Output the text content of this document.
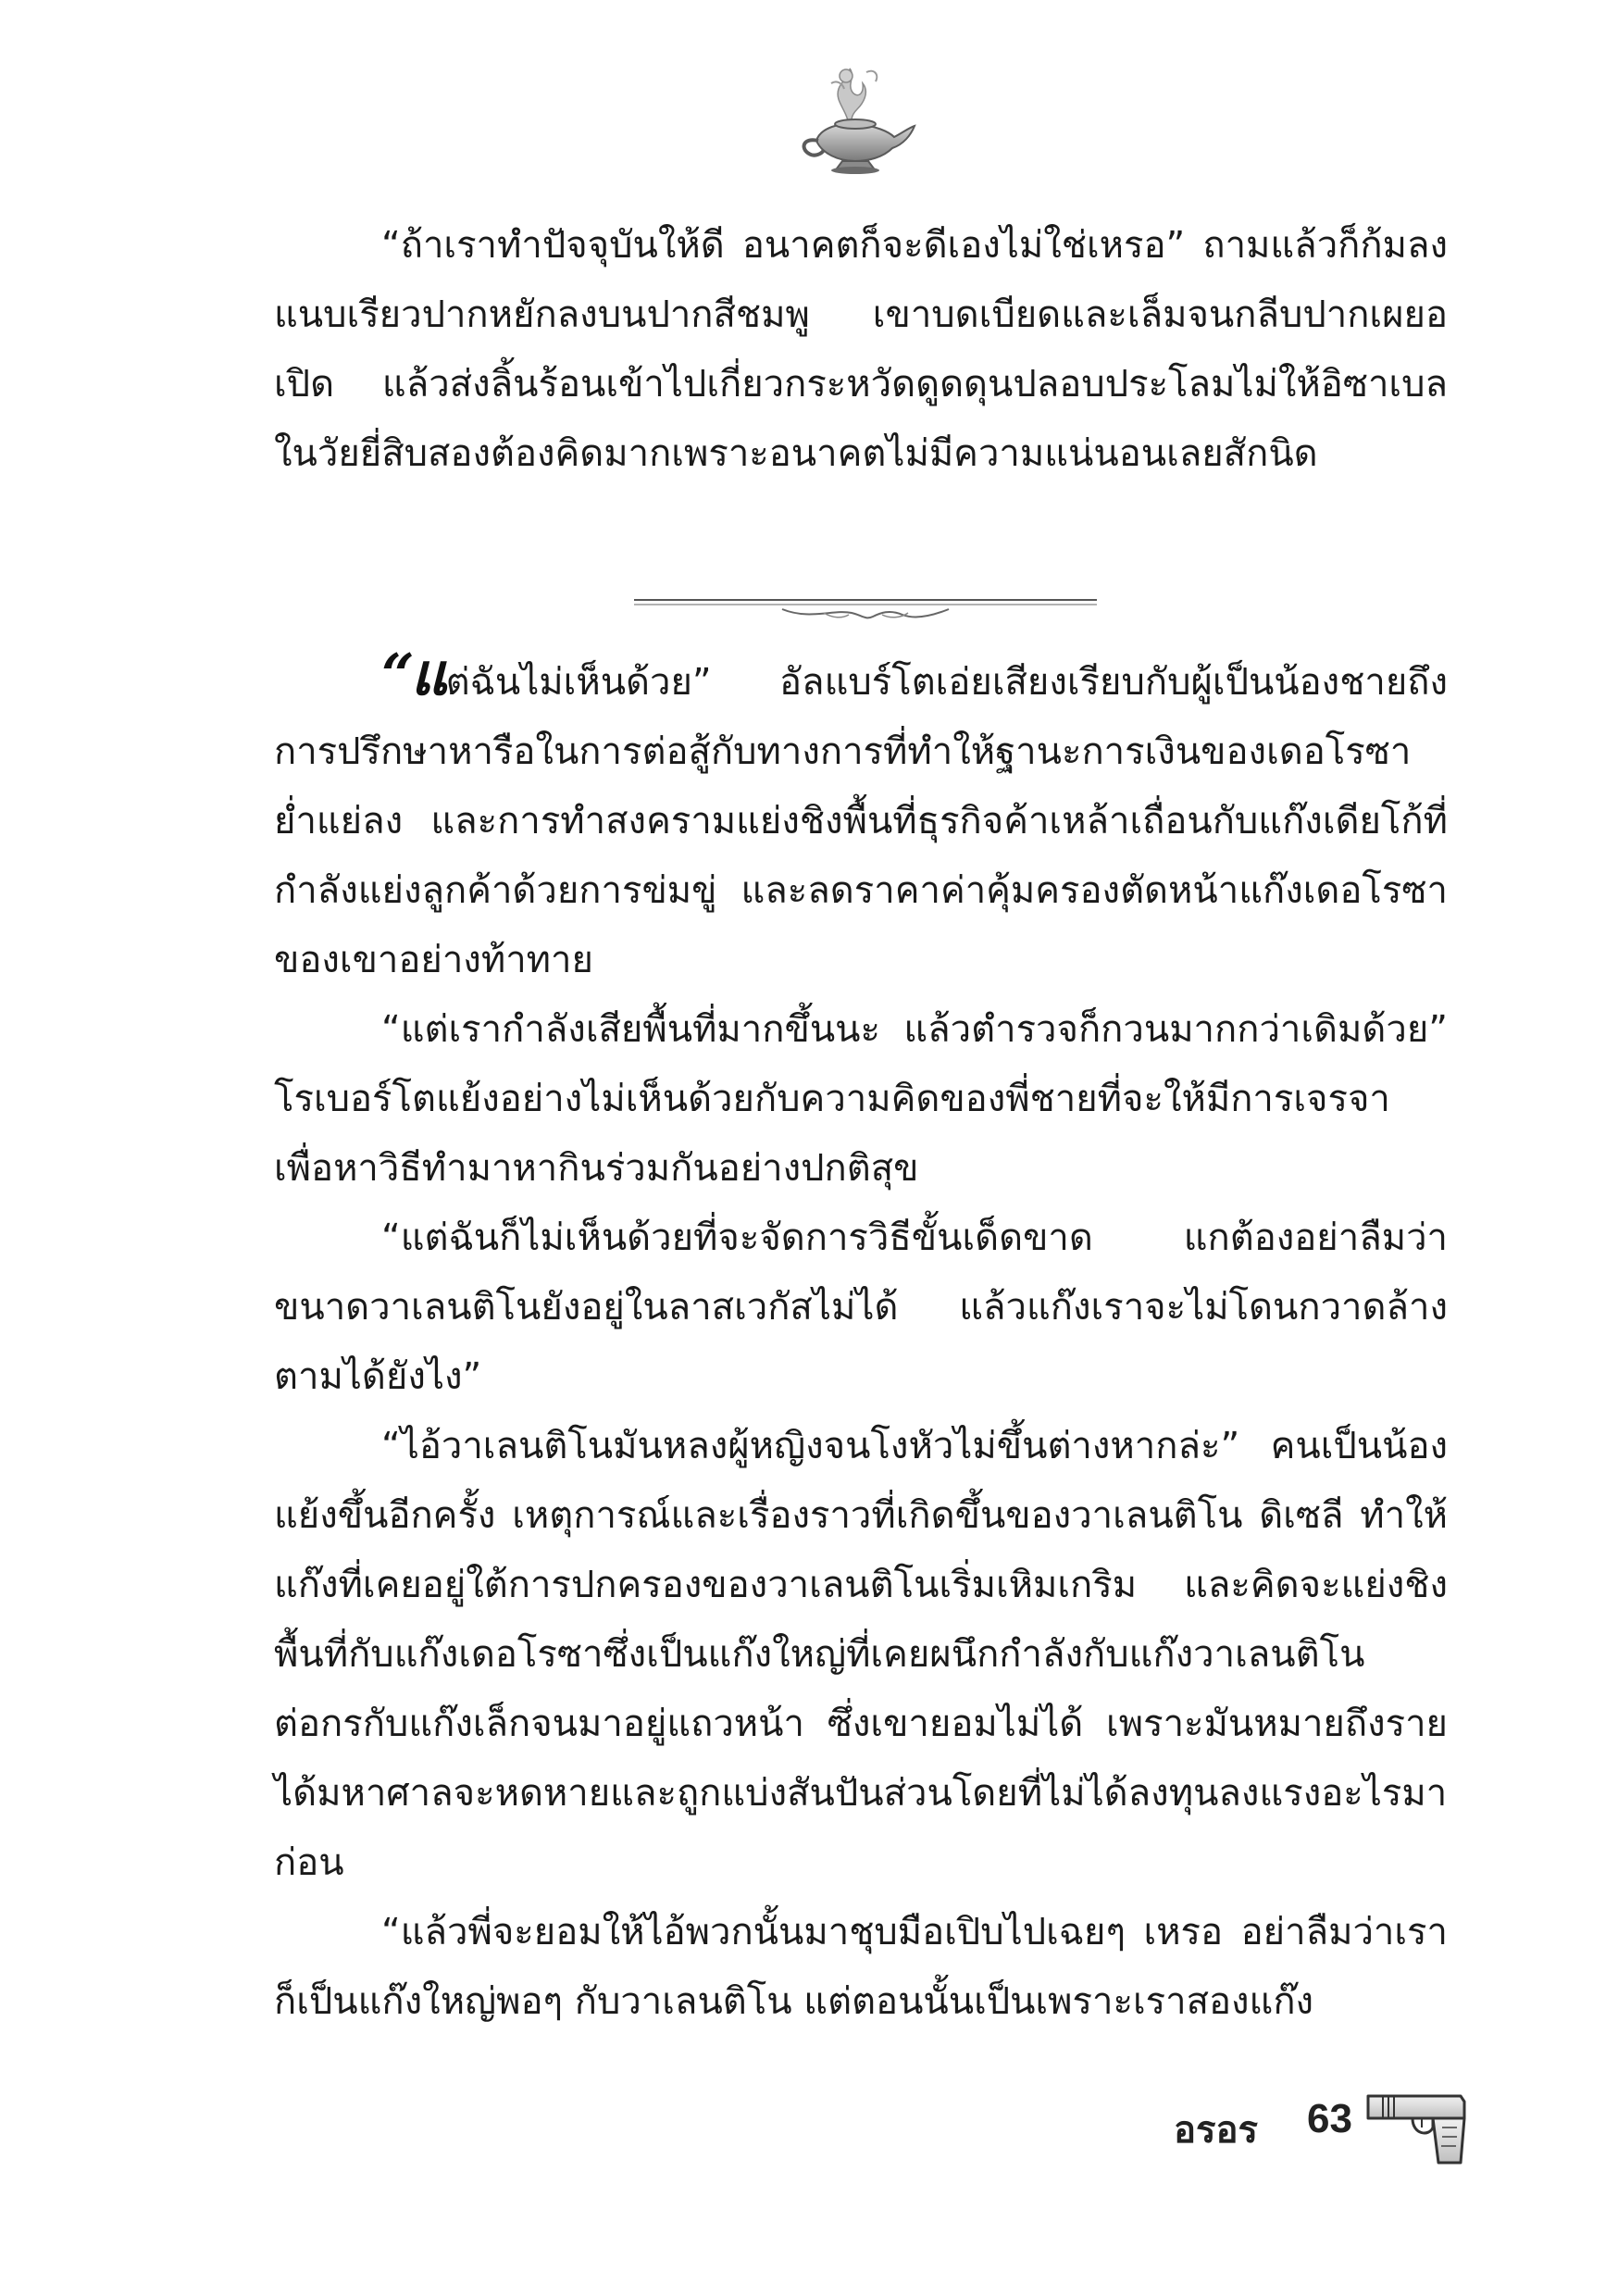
“ถ้าเราทำปัจจุบันให้ดี อนาคตก็จะดีเองไม่ใช่เหรอ” ถามแล้วก็ก้มลงแนบเรียวปากหยักลงบนปากสีชมพู เขาบดเบียดและเล็มจนกลีบปากเผยอเปิด แล้วส่งลิ้นร้อนเข้าไปเกี่ยวกระหวัดดูดดุนปลอบประโลมไม่ให้อิซาเบลในวัยยี่สิบสองต้องคิดมากเพราะอนาคตไม่มีความแน่นอนเลยสักนิด

“แต่ฉันไม่เห็นด้วย” อัลแบร์โตเอ่ยเสียงเรียบกับผู้เป็นน้องชายถึงการปรึกษาหารือในการต่อสู้กับทางการที่ทำให้ฐานะการเงินของเดอโรซาย่ำแย่ลง และการทำสงครามแย่งชิงพื้นที่ธุรกิจค้าเหล้าเถื่อนกับแก๊งเดียโก้ที่กำลังแย่งลูกค้าด้วยการข่มขู่ และลดราคาค่าคุ้มครองตัดหน้าแก๊งเดอโรซาของเขาอย่างท้าทาย

“แต่เรากำลังเสียพื้นที่มากขึ้นนะ แล้วตำรวจก็กวนมากกว่าเดิมด้วย” โรเบอร์โตแย้งอย่างไม่เห็นด้วยกับความคิดของพี่ชายที่จะให้มีการเจรจาเพื่อหาวิธีทำมาหากินร่วมกันอย่างปกติสุข

“แต่ฉันก็ไม่เห็นด้วยที่จะจัดการวิธีขั้นเด็ดขาด แกต้องอย่าลืมว่าขนาดวาเลนติโนยังอยู่ในลาสเวกัสไม่ได้ แล้วแก๊งเราจะไม่โดนกวาดล้างตามได้ยังไง”

“ไอ้วาเลนติโนมันหลงผู้หญิงจนโงหัวไม่ขึ้นต่างหากล่ะ” คนเป็นน้องแย้งขึ้นอีกครั้ง เหตุการณ์และเรื่องราวที่เกิดขึ้นของวาเลนติโน ดิเซลี ทำให้แก๊งที่เคยอยู่ใต้การปกครองของวาเลนติโนเริ่มเหิมเกริม และคิดจะแย่งชิงพื้นที่กับแก๊งเดอโรซาซึ่งเป็นแก๊งใหญ่ที่เคยผนึกกำลังกับแก๊งวาเลนติโนต่อกรกับแก๊งเล็กจนมาอยู่แถวหน้า ซึ่งเขายอมไม่ได้ เพราะมันหมายถึงรายได้มหาศาลจะหดหายและถูกแบ่งสันปันส่วนโดยที่ไม่ได้ลงทุนลงแรงอะไรมาก่อน

“แล้วพี่จะยอมให้ไอ้พวกนั้นมาชุบมือเปิบไปเฉยๆ เหรอ อย่าลืมว่าเราก็เป็นแก๊งใหญ่พอๆ กับวาเลนติโน แต่ตอนนั้นเป็นเพราะเราสองแก๊ง

อรอร 63
